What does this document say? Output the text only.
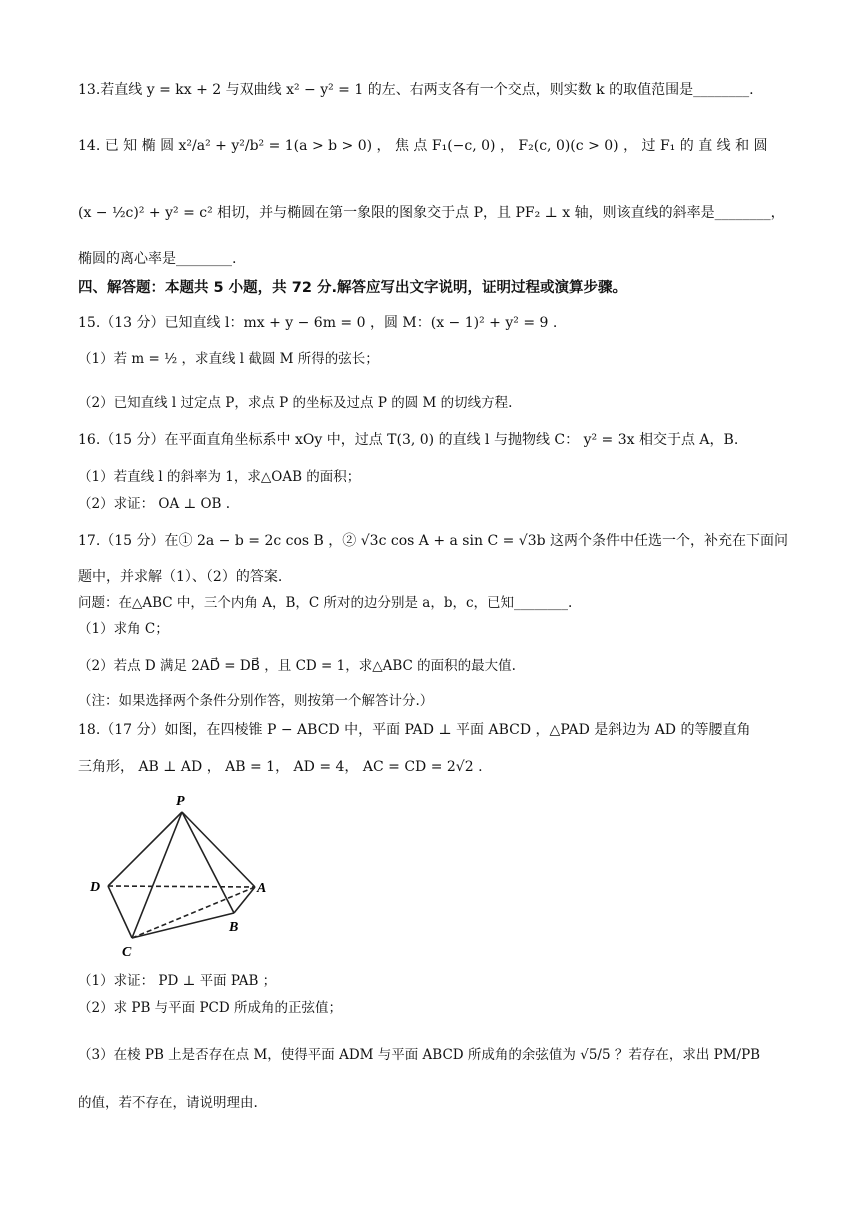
13.若直线 y = kx + 2 与双曲线 x² − y² = 1 的左、右两支各有一个交点，则实数 k 的取值范围是________.
14. 已 知 椭 圆 x²/a² + y²/b² = 1(a > b > 0) ， 焦 点 F₁(−c, 0) ， F₂(c, 0)(c > 0) ， 过 F₁ 的 直 线 和 圆
(x − ½c)² + y² = c² 相切，并与椭圆在第一象限的图象交于点 P，且 PF₂ ⊥ x 轴，则该直线的斜率是________，
椭圆的离心率是________.
四、解答题：本题共 5 小题，共 72 分.解答应写出文字说明，证明过程或演算步骤。
15.（13 分）已知直线 l：mx + y − 6m = 0 ，圆 M：(x − 1)² + y² = 9 .
（1）若 m = ½ ，求直线 l 截圆 M 所得的弦长；
（2）已知直线 l 过定点 P，求点 P 的坐标及过点 P 的圆 M 的切线方程.
16.（15 分）在平面直角坐标系中 xOy 中，过点 T(3, 0) 的直线 l 与抛物线 C： y² = 3x 相交于点 A，B.
（1）若直线 l 的斜率为 1，求△OAB 的面积；
（2）求证： OA ⊥ OB .
17.（15 分）在① 2a − b = 2c cos B ，② √3c cos A + a sin C = √3b 这两个条件中任选一个，补充在下面问
题中，并求解（1）、（2）的答案.
问题：在△ABC 中，三个内角 A，B，C 所对的边分别是 a，b，c，已知________.
（1）求角 C；
（2）若点 D 满足 2AD⃗ = DB⃗ ，且 CD = 1，求△ABC 的面积的最大值.
（注：如果选择两个条件分别作答，则按第一个解答计分.）
18.（17 分）如图，在四棱锥 P − ABCD 中，平面 PAD ⊥ 平面 ABCD ，△PAD 是斜边为 AD 的等腰直角
三角形， AB ⊥ AD ， AB = 1， AD = 4， AC = CD = 2√2 .
P
D	A
B
C
（1）求证： PD ⊥ 平面 PAB ；
（2）求 PB 与平面 PCD 所成角的正弦值；
（3）在棱 PB 上是否存在点 M，使得平面 ADM 与平面 ABCD 所成角的余弦值为 √5/5 ？若存在，求出 PM/PB
的值，若不存在，请说明理由.
